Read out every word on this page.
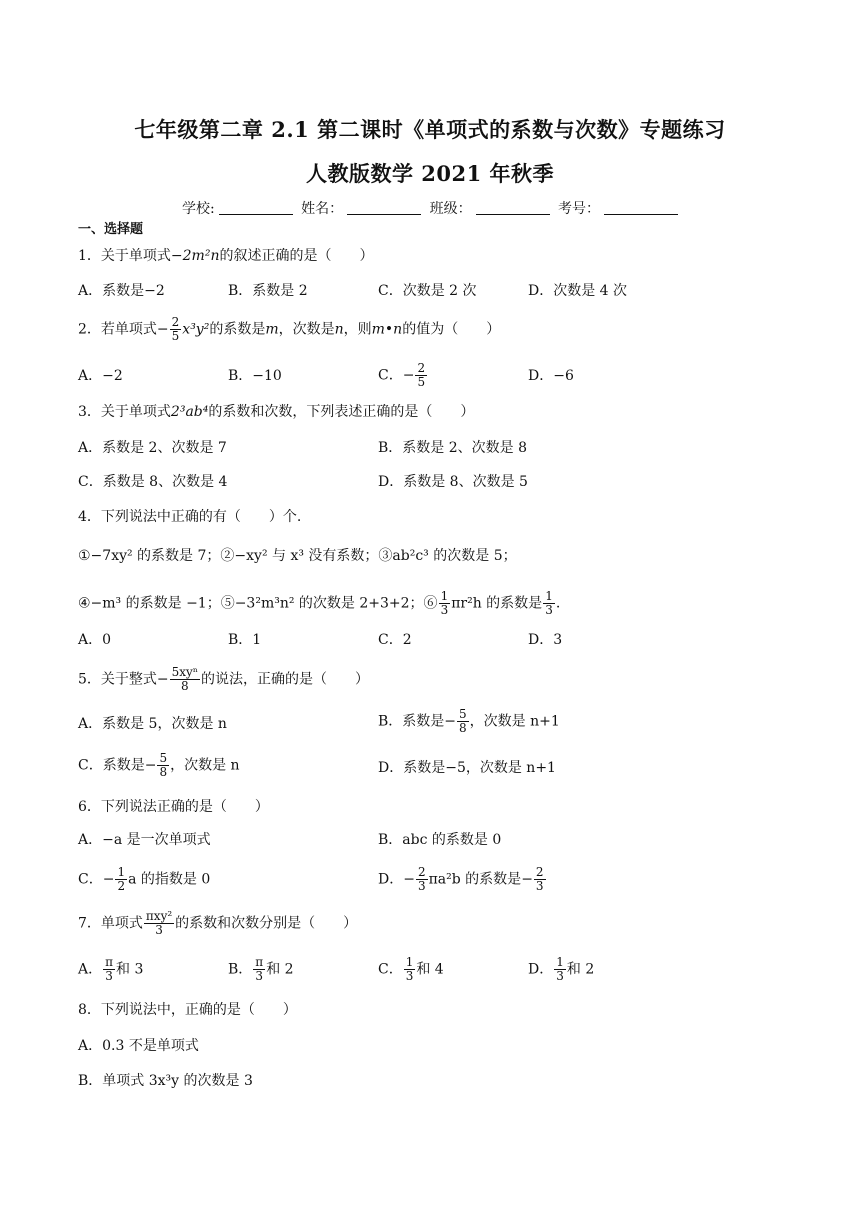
七年级第二章 2.1 第二课时《单项式的系数与次数》专题练习
人教版数学 2021 年秋季
学校:	姓名：	班级：	考号：
一、选择题
1．关于单项式−2m²n的叙述正确的是（　　）
A．系数是−2	B．系数是 2	C．次数是 2 次	D．次数是 4 次
2．若单项式− $\frac{2}{5} x^3y^2$的系数是m，次数是n，则m•n的值为（　　）
A．−2	B．−10	C．− $\frac{2}{5}$	D．−6
3．关于单项式2³ab⁴的系数和次数，下列表述正确的是（　　）
A．系数是 2、次数是 7	B．系数是 2、次数是 8
C．系数是 8、次数是 4	D．系数是 8、次数是 5
4．下列说法中正确的有（　　）个.
①−7xy² 的系数是 7；②−xy² 与 x³ 没有系数；③ab²c³ 的次数是 5；
④−m³ 的系数是 −1；⑤−3²m³n² 的次数是 2+3+2；⑥ $\frac{1}{3} \pi r^2h$ 的系数是 $\frac{1}{3}$ .
A．0	B．1	C．2	D．3
5．关于整式− $\frac{\text{5xyⁿ}}{8}$ 的说法，正确的是（　　）
A．系数是 5，次数是 n	B．系数是− $\frac{5}{8}$ ，次数是 n+1
C．系数是− $\frac{5}{8}$ ，次数是 n	D．系数是−5，次数是 n+1
6．下列说法正确的是（　　）
A．−a 是一次单项式	B．abc 的系数是 0
C．− $\frac{1}{2}$ a 的指数是 0	D．− $\frac{2}{3} \pi a^2b$ 的系数是− $\frac{2}{3}$
7．单项式 $\frac{\text{πxy²}}{3}$ 的系数和次数分别是（　　）
A． $\frac{\pi}{3}$ 和 3	B． $\frac{\pi}{3}$ 和 2	C． $\frac{1}{3}$ 和 4	D． $\frac{1}{3}$ 和 2
8．下列说法中，正确的是（　　）
A．0.3 不是单项式
B．单项式 3x³y 的次数是 3
